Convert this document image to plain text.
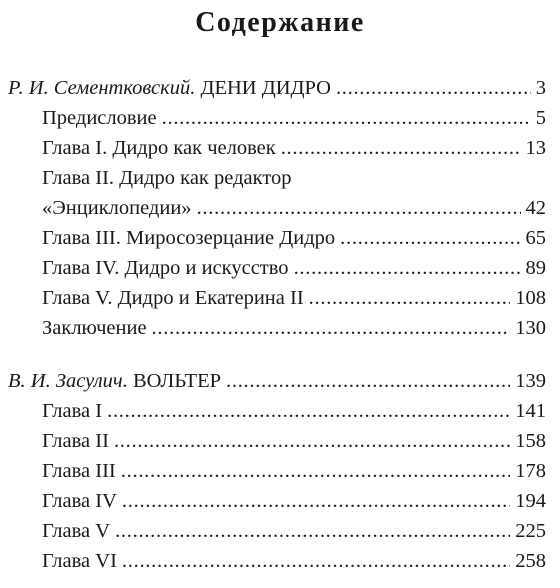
Содержание
Р. И. Сементковский. ДЕНИ ДИДРО . . .	3
Предисловие . . .	5
Глава I. Дидро как человек . . .	13
Глава II. Дидро как редактор
«Энциклопедии» . . .	42
Глава III. Миросозерцание Дидро . . .	65
Глава IV. Дидро и искусство . . .	89
Глава V. Дидро и Екатерина II . . .	108
Заключение . . .	130
В. И. Засулич. ВОЛЬТЕР . . .	139
Глава I . . .	141
Глава II . . .	158
Глава III . . .	178
Глава IV . . .	194
Глава V . . .	225
Глава VI . . .	258
